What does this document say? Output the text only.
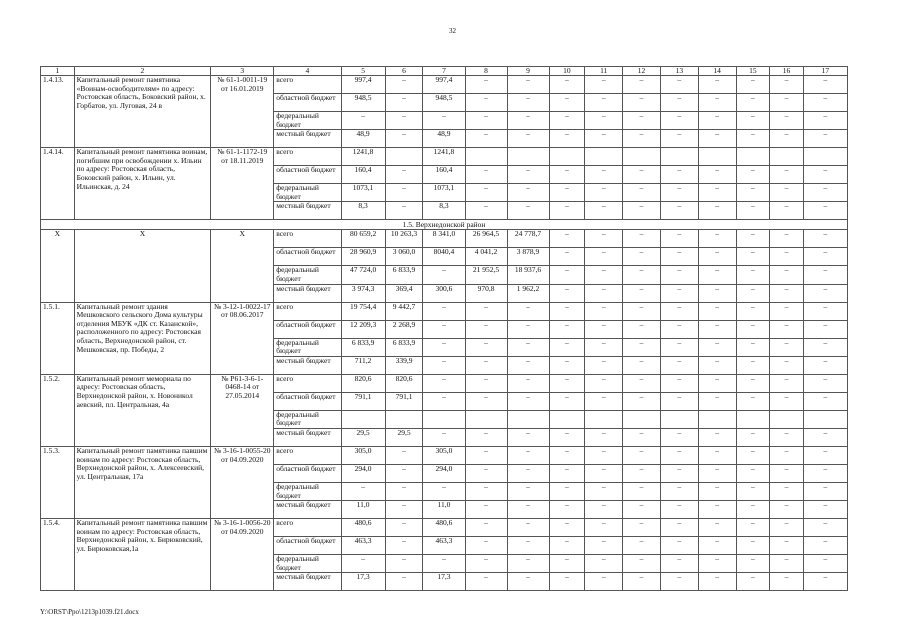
32
1	2	3	4	5	6	7	8	9	10	11	12	13	14	15	16	17
1.4.13.	Капитальный ремонт памятника «Воинам-освободителям» по адресу: Ростовская область, Боковский район, х. Горбатов, ул. Луговая, 24 в	№ 61-1-0011-19 от 16.01.2019	всего	997,4	–	997,4	–	–	–	–	–	–	–	–	–	–
			областной бюджет	948,5	–	948,5	–	–	–	–	–	–	–	–	–	–
			федеральный бюджет	–	–	–	–	–	–	–	–	–	–	–	–	–
			местный бюджет	48,9	–	48,9	–	–	–	–	–	–	–	–	–	–
1.4.14.	Капитальный ремонт памятника воинам, погибшим при освобождении х. Ильин по адресу: Ростовская область, Боковский район, х. Ильин, ул. Ильинская, д. 24	№ 61-1-1172-19 от 18.11.2019	всего	1241,8		1241,8										
			областной бюджет	160,4	–	160,4	–	–	–	–	–	–	–	–	–	–
			федеральный бюджет	1073,1	–	1073,1	–	–	–	–	–	–	–	–	–	–
			местный бюджет	8,3	–	8,3	–	–	–	–	–	–	–	–	–	–
1.5. Верхнедонской район																
Х	Х	Х	всего	80 659,2	10 263,3	8 341,0	26 964,5	24 778,7	–	–	–	–	–	–	–	–
			областной бюджет	28 960,9	3 060,0	8040,4	4 041,2	3 878,9	–	–	–	–	–	–	–	–
			федеральный бюджет	47 724,0	6 833,9	–	21 952,5	18 937,6	–	–	–	–	–	–	–	–
			местный бюджет	3 974,3	369,4	300,6	970,8	1 962,2	–	–	–	–	–	–	–	–
1.5.1.	Капитальный ремонт здания Мешковского сельского Дома культуры отделения МБУК «ДК ст. Казанской», расположенного по адресу: Ростовская область, Верхнедонской район, ст. Мешковская, пр. Победы, 2	№ 3-12-1-0022-17 от 08.06.2017	всего	19 754,4	9 442,7	–	–	–	–	–	–	–	–	–	–	–
			областной бюджет	12 209,3	2 268,9	–	–	–	–	–	–	–	–	–	–	–
			федеральный бюджет	6 833,9	6 833,9	–	–	–	–	–	–	–	–	–	–	–
			местный бюджет	711,2	339,9	–	–	–	–	–	–	–	–	–	–	–
1.5.2.	Капитальный ремонт мемориала по адресу: Ростовская область, Верхнедонской район, х. Новоникол аевский, пл. Центральная, 4а	№ Р61-3-6-1-0468-14 от 27.05.2014	всего	820,6	820,6	–	–	–	–	–	–	–	–	–	–	–
			областной бюджет	791,1	791,1	–	–	–	–	–	–	–	–	–	–	–
			федеральный бюджет													
			местный бюджет	29,5	29,5	–	–	–	–	–	–	–	–	–	–	–
1.5.3.	Капитальный ремонт памятника павшим воинам по адресу: Ростовская область, Верхнедонской район, х. Алексеевский, ул. Центральная, 17а	№ 3-16-1-0055-20 от 04.09.2020	всего	305,0	–	305,0	–	–	–	–	–	–	–	–	–	–
			областной бюджет	294,0	–	294,0	–	–	–	–	–	–	–	–	–	–
			федеральный бюджет	–	–	–	–	–	–	–	–	–	–	–	–	–
			местный бюджет	11,0	–	11,0	–	–	–	–	–	–	–	–	–	–
1.5.4.	Капитальный ремонт памятника павшим воинам по адресу: Ростовская область, Верхнедонской район, х. Бирюковский, ул. Бирюковская,1а	№ 3-16-1-0056-20 от 04.09.2020	всего	480,6	–	480,6	–	–	–	–	–	–	–	–	–	–
			областной бюджет	463,3	–	463,3	–	–	–	–	–	–	–	–	–	–
			федеральный бюджет	–	–	–	–	–	–	–	–	–	–	–	–	–
			местный бюджет	17,3	–	17,3	–	–	–	–	–	–	–	–	–	–
Y:\ORST\Ppo\1213p1039.f21.docx
